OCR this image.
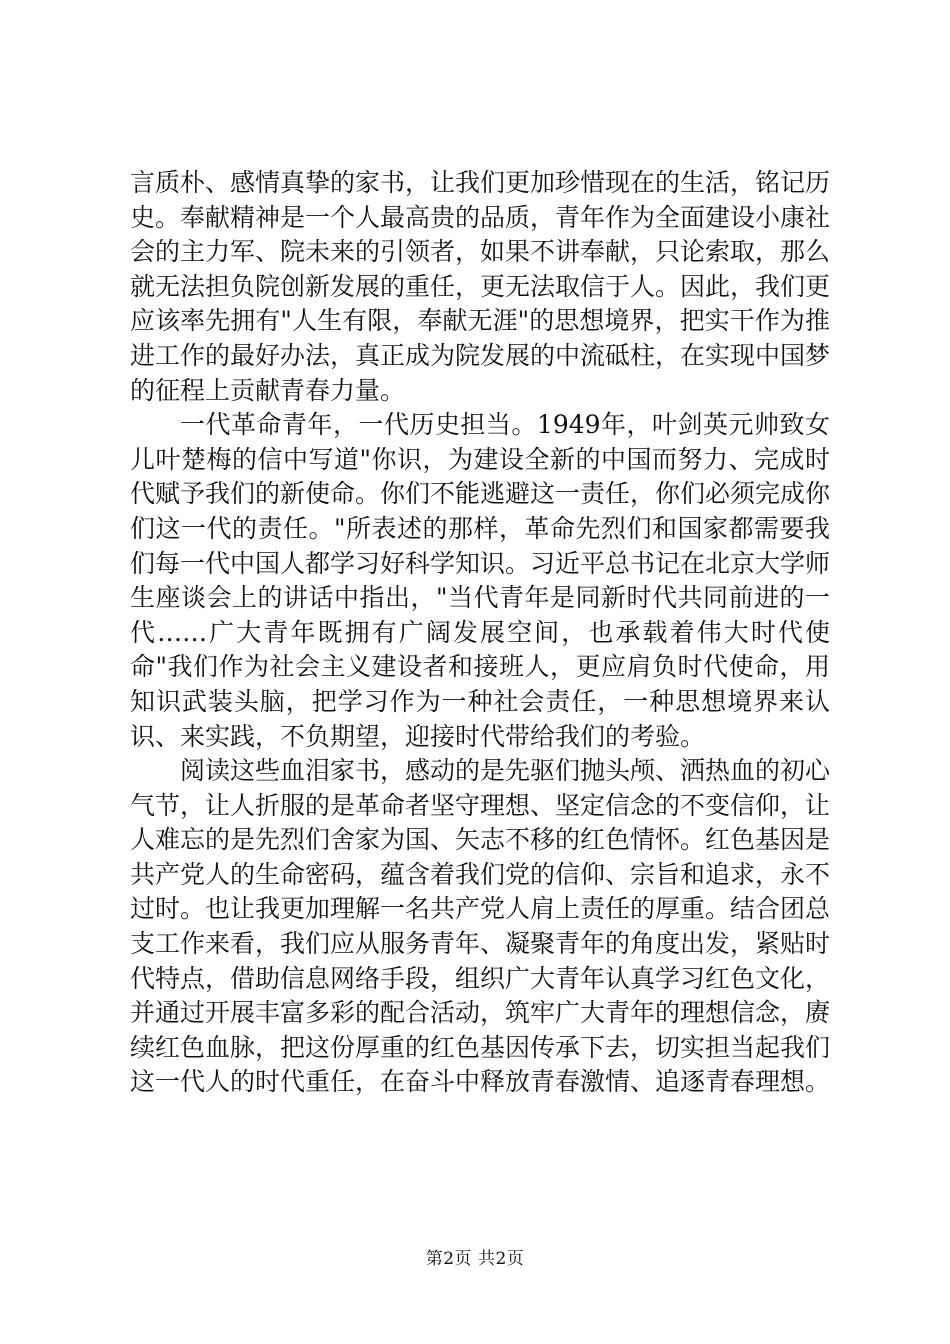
言质朴、感情真挚的家书，让我们更加珍惜现在的生活，铭记历史。奉献精神是一个人最高贵的品质，青年作为全面建设小康社会的主力军、院未来的引领者，如果不讲奉献，只论索取，那么就无法担负院创新发展的重任，更无法取信于人。因此，我们更应该率先拥有"人生有限，奉献无涯"的思想境界，把实干作为推进工作的最好办法，真正成为院发展的中流砥柱，在实现中国梦的征程上贡献青春力量。

一代革命青年，一代历史担当。1949年，叶剑英元帅致女儿叶楚梅的信中写道"你识，为建设全新的中国而努力、完成时代赋予我们的新使命。你们不能逃避这一责任，你们必须完成你们这一代的责任。"所表述的那样，革命先烈们和国家都需要我们每一代中国人都学习好科学知识。习近平总书记在北京大学师生座谈会上的讲话中指出，"当代青年是同新时代共同前进的一代……广大青年既拥有广阔发展空间，也承载着伟大时代使命"我们作为社会主义建设者和接班人，更应肩负时代使命，用知识武装头脑，把学习作为一种社会责任，一种思想境界来认识、来实践，不负期望，迎接时代带给我们的考验。

阅读这些血泪家书，感动的是先驱们抛头颅、洒热血的初心气节，让人折服的是革命者坚守理想、坚定信念的不变信仰，让人难忘的是先烈们舍家为国、矢志不移的红色情怀。红色基因是共产党人的生命密码，蕴含着我们党的信仰、宗旨和追求，永不过时。也让我更加理解一名共产党人肩上责任的厚重。结合团总支工作来看，我们应从服务青年、凝聚青年的角度出发，紧贴时代特点，借助信息网络手段，组织广大青年认真学习红色文化，并通过开展丰富多彩的配合活动，筑牢广大青年的理想信念，赓续红色血脉，把这份厚重的红色基因传承下去，切实担当起我们这一代人的时代重任，在奋斗中释放青春激情、追逐青春理想。

第2页 共2页
